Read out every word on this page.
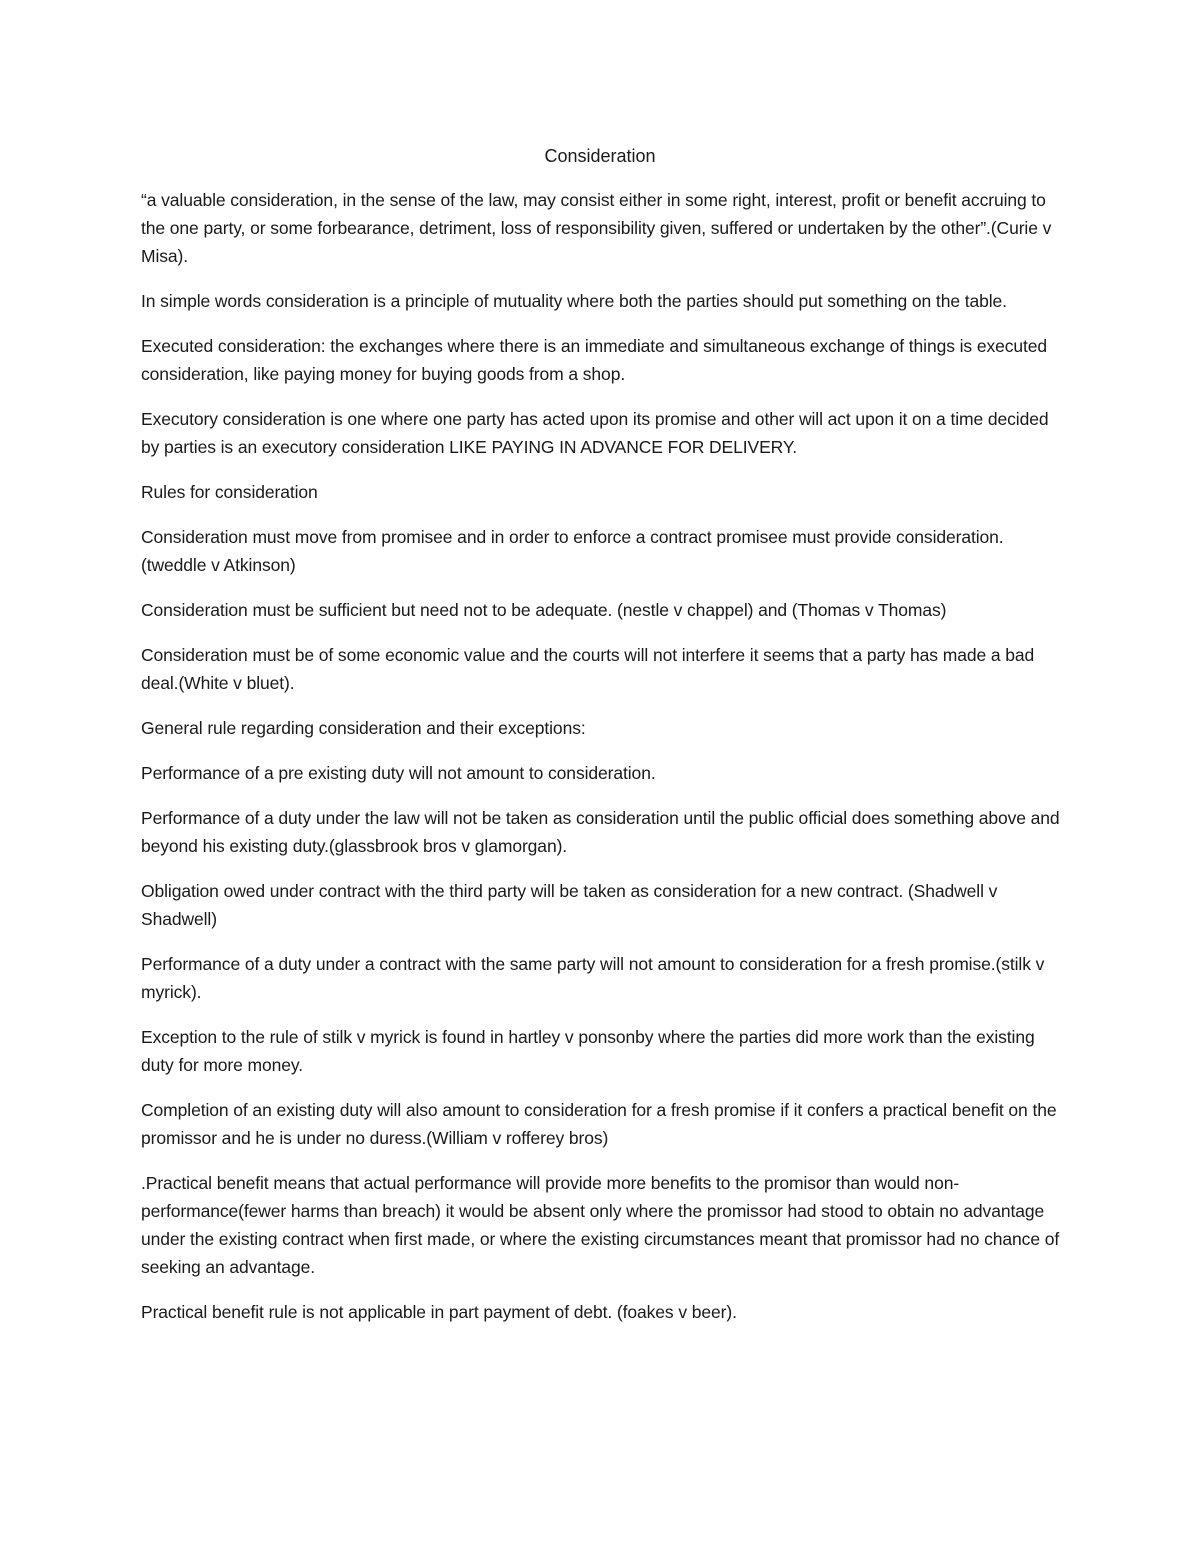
Consideration

“a valuable consideration, in the sense of the law, may consist either in some right, interest, profit or benefit accruing to the one party, or some forbearance, detriment, loss of responsibility given, suffered or undertaken by the other”.(Curie v Misa).

In simple words consideration is a principle of mutuality where both the parties should put something on the table.

Executed consideration: the exchanges where there is an immediate and simultaneous exchange of things is executed consideration, like paying money for buying goods from a shop.

Executory consideration is one where one party has acted upon its promise and other will act upon it on a time decided by parties is an executory consideration LIKE PAYING IN ADVANCE FOR DELIVERY.

Rules for consideration

Consideration must move from promisee and in order to enforce a contract promisee must provide consideration. (tweddle v Atkinson)

Consideration must be sufficient but need not to be adequate. (nestle v chappel) and (Thomas v Thomas)

Consideration must be of some economic value and the courts will not interfere it seems that a party has made a bad deal.(White v bluet).

General rule regarding consideration and their exceptions:

Performance of a pre existing duty will not amount to consideration.

Performance of a duty under the law will not be taken as consideration until the public official does something above and beyond his existing duty.(glassbrook bros v glamorgan).

Obligation owed under contract with the third party will be taken as consideration for a new contract. (Shadwell v Shadwell)

Performance of a duty under a contract with the same party will not amount to consideration for a fresh promise.(stilk v myrick).

Exception to the rule of stilk v myrick is found in hartley v ponsonby where the parties did more work than the existing duty for more money.

Completion of an existing duty will also amount to consideration for a fresh promise if it confers a practical benefit on the promissor and he is under no duress.(William v rofferey bros)

.Practical benefit means that actual performance will provide more benefits to the promisor than would non-performance(fewer harms than breach) it would be absent only where the promissor had stood to obtain no advantage under the existing contract when first made, or where the existing circumstances meant that promissor had no chance of seeking an advantage.

Practical benefit rule is not applicable in part payment of debt. (foakes v beer).
